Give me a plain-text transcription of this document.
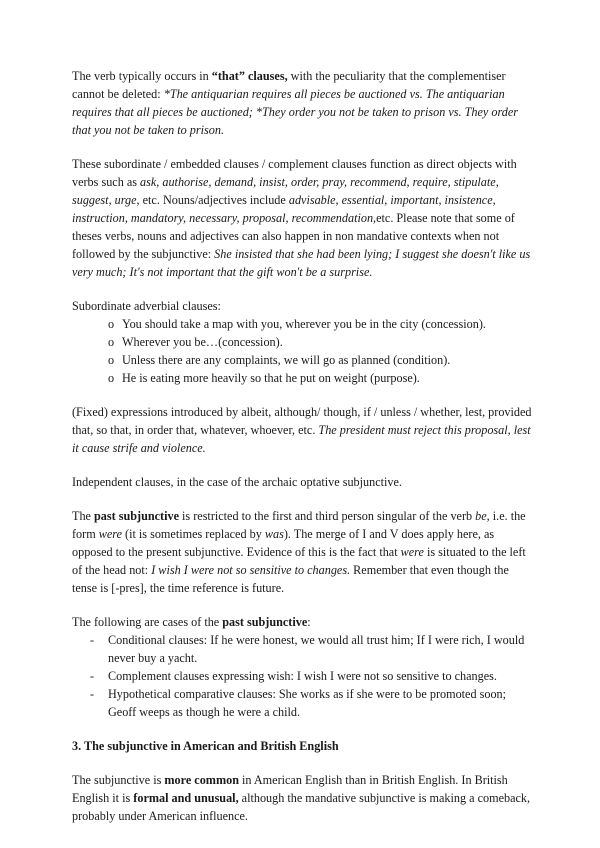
The verb typically occurs in “that” clauses, with the peculiarity that the complementiser cannot be deleted: *The antiquarian requires all pieces be auctioned vs. The antiquarian requires that all pieces be auctioned; *They order you not be taken to prison vs. They order that you not be taken to prison.

These subordinate / embedded clauses / complement clauses function as direct objects with verbs such as ask, authorise, demand, insist, order, pray, recommend, require, stipulate, suggest, urge, etc. Nouns/adjectives include advisable, essential, important, insistence, instruction, mandatory, necessary, proposal, recommendation,etc. Please note that some of theses verbs, nouns and adjectives can also happen in non mandative contexts when not followed by the subjunctive: She insisted that she had been lying; I suggest she doesn't like us very much; It's not important that the gift won't be a surprise.

Subordinate adverbial clauses:

o You should take a map with you, wherever you be in the city (concession).
o Wherever you be…(concession).
o Unless there are any complaints, we will go as planned (condition).
o He is eating more heavily so that he put on weight (purpose).

(Fixed) expressions introduced by albeit, although/ though, if / unless / whether, lest, provided that, so that, in order that, whatever, whoever, etc. The president must reject this proposal, lest it cause strife and violence.

Independent clauses, in the case of the archaic optative subjunctive.

The past subjunctive is restricted to the first and third person singular of the verb be, i.e. the form were (it is sometimes replaced by was). The merge of I and V does apply here, as opposed to the present subjunctive. Evidence of this is the fact that were is situated to the left of the head not: I wish I were not so sensitive to changes. Remember that even though the tense is [-pres], the time reference is future.

The following are cases of the past subjunctive:

- Conditional clauses: If he were honest, we would all trust him; If I were rich, I would never buy a yacht.
- Complement clauses expressing wish: I wish I were not so sensitive to changes.
- Hypothetical comparative clauses: She works as if she were to be promoted soon; Geoff weeps as though he were a child.

3. The subjunctive in American and British English

The subjunctive is more common in American English than in British English. In British English it is formal and unusual, although the mandative subjunctive is making a comeback, probably under American influence.
